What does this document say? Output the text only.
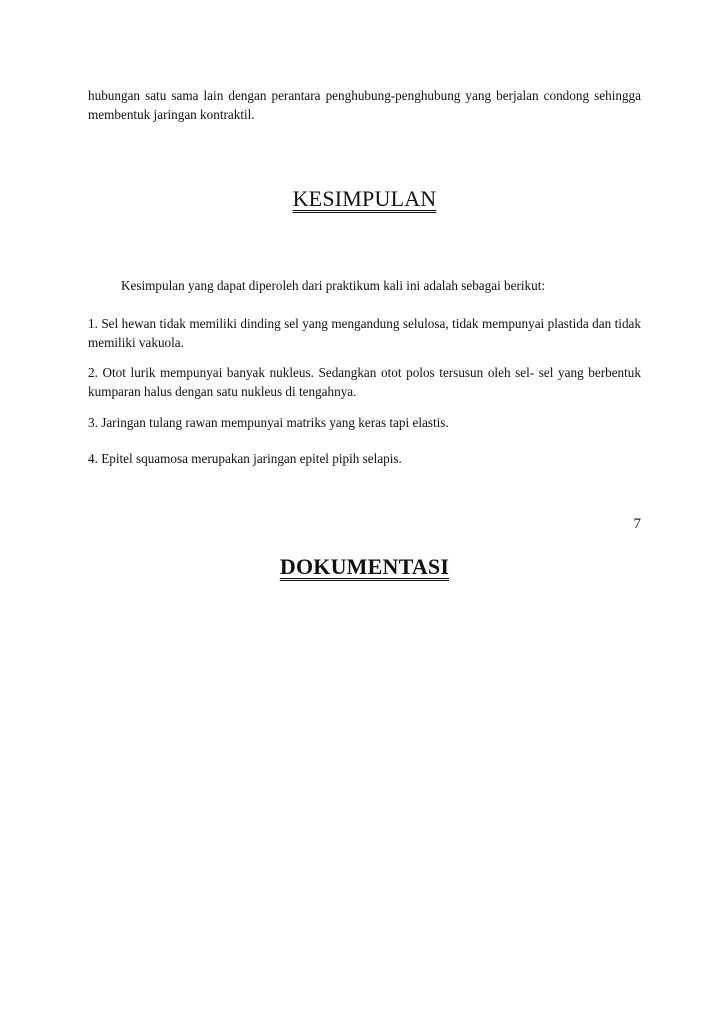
hubungan satu sama lain dengan perantara penghubung-penghubung yang berjalan condong sehingga membentuk jaringan kontraktil.

KESIMPULAN

Kesimpulan yang dapat diperoleh dari praktikum kali ini adalah sebagai berikut:

1. Sel hewan tidak memiliki dinding sel yang mengandung selulosa, tidak mempunyai plastida dan tidak memiliki vakuola.

2. Otot lurik mempunyai banyak nukleus. Sedangkan otot polos tersusun oleh sel- sel yang berbentuk kumparan halus dengan satu nukleus di tengahnya.

3. Jaringan tulang rawan mempunyai matriks yang keras tapi elastis.

4. Epitel squamosa merupakan jaringan epitel pipih selapis.

7

DOKUMENTASI
